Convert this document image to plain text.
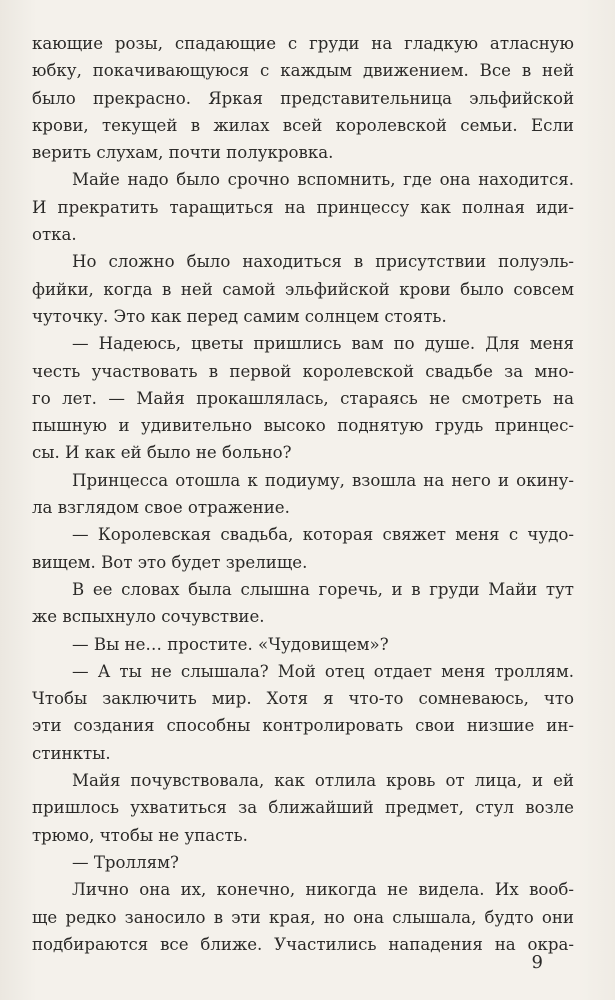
кающие розы, спадающие с груди на гладкую атласную
юбку, покачивающуюся с каждым движением. Все в ней
было прекрасно. Яркая представительница эльфийской
крови, текущей в жилах всей королевской семьи. Если
верить слухам, почти полукровка.
Майе надо было срочно вспомнить, где она находится.
И прекратить таращиться на принцессу как полная иди-
отка.
Но сложно было находиться в присутствии полуэль-
фийки, когда в ней самой эльфийской крови было совсем
чуточку. Это как перед самим солнцем стоять.
— Надеюсь, цветы пришлись вам по душе. Для меня
честь участвовать в первой королевской свадьбе за мно-
го лет. — Майя прокашлялась, стараясь не смотреть на
пышную и удивительно высоко поднятую грудь принцес-
сы. И как ей было не больно?
Принцесса отошла к подиуму, взошла на него и окину-
ла взглядом свое отражение.
— Королевская свадьба, которая свяжет меня с чудо-
вищем. Вот это будет зрелище.
В ее словах была слышна горечь, и в груди Майи тут
же вспыхнуло сочувствие.
— Вы не… простите. «Чудовищем»?
— А ты не слышала? Мой отец отдает меня троллям.
Чтобы заключить мир. Хотя я что-то сомневаюсь, что
эти создания способны контролировать свои низшие ин-
стинкты.
Майя почувствовала, как отлила кровь от лица, и ей
пришлось ухватиться за ближайший предмет, стул возле
трюмо, чтобы не упасть.
— Троллям?
Лично она их, конечно, никогда не видела. Их вооб-
ще редко заносило в эти края, но она слышала, будто они
подбираются все ближе. Участились нападения на окра-
9
